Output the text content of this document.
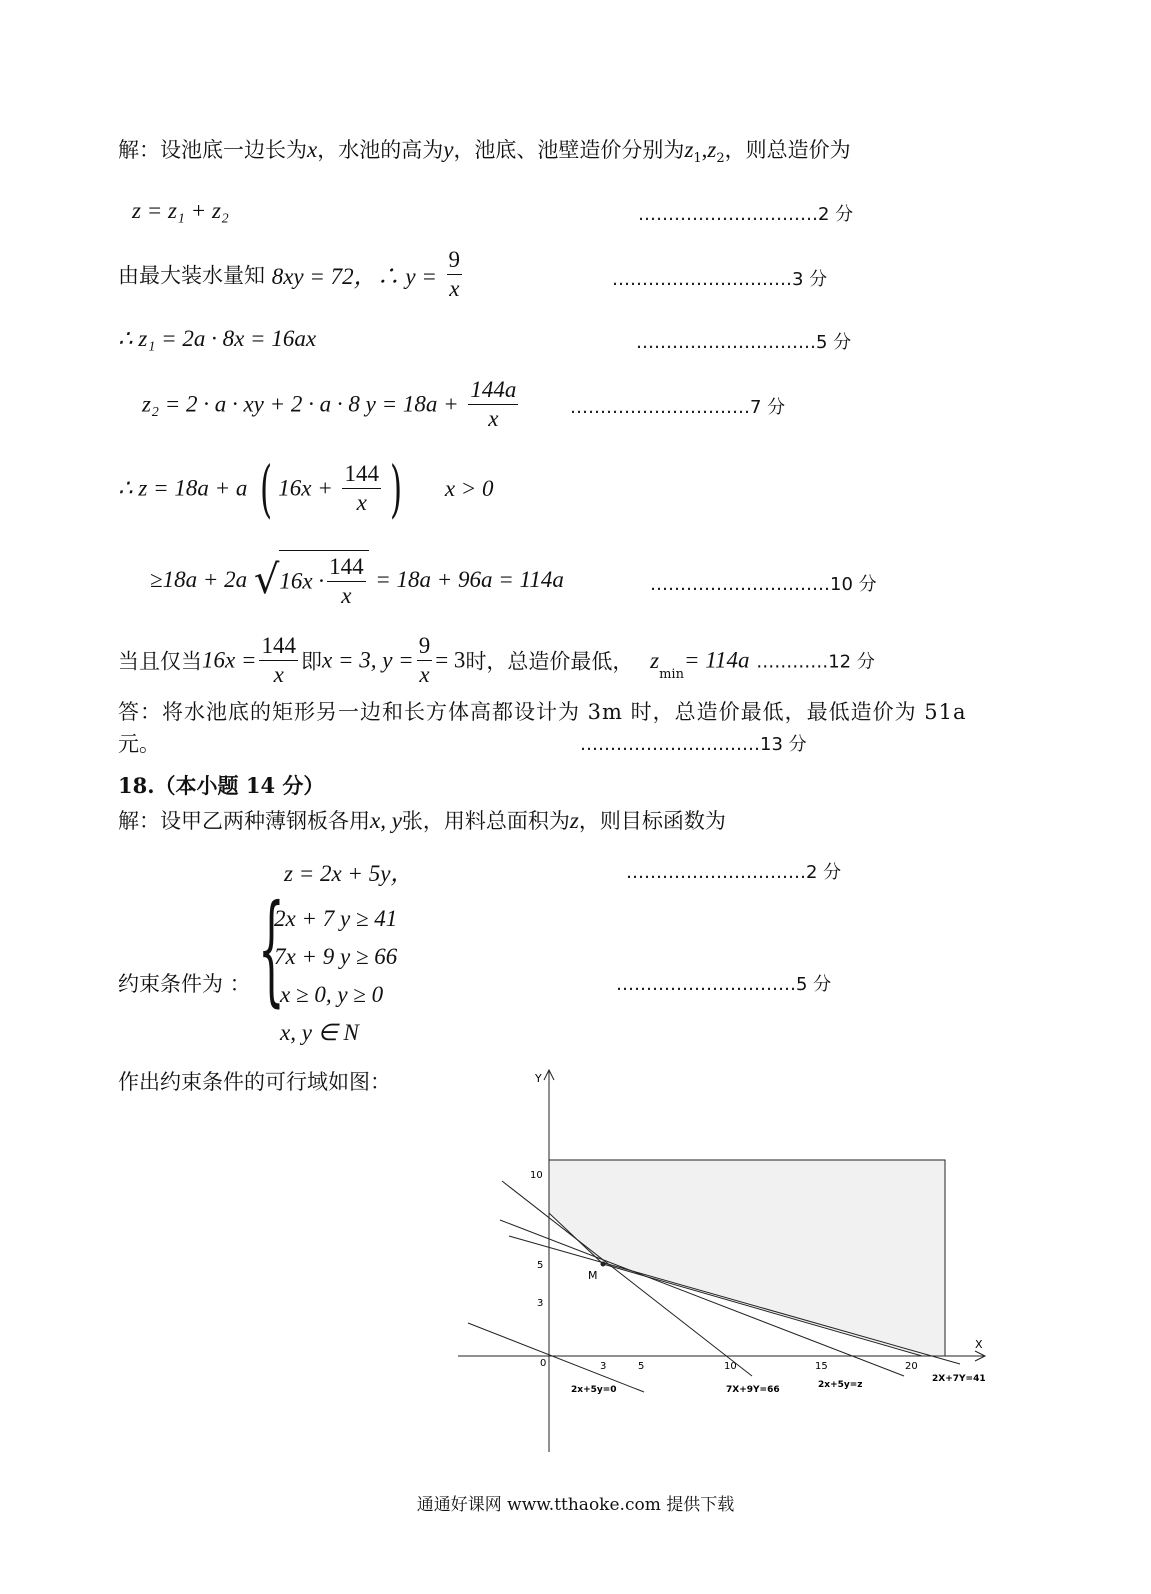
解：设池底一边长为x，水池的高为y，池底、池壁造价分别为$z_1,z_2$，则总造价为
z = z₁ + z₂	…………………………2 分
由最大装水量知 8xy = 72，∴ $y = \frac{9}{x}$	…………………………3 分
∴ z₁ = 2a · 8x = 16ax	…………………………5 分
z₂ = 2 · a · xy + 2 · a · 8 $y = 18a + \frac{144a}{x}$	…………………………7 分
∴ z = 18a + a ( $16x + \frac{144}{x}$ ) x > 0
≥18a + 2a $√16x \cdot \frac{144}{x} = 18a + 96a = 114a$	…………………………10 分
当且仅当$16x = \frac{144}{x}$ 即x = 3, $y = \frac{9}{x} = 3$时，总造价最低， $z_{min}= 114a$ …………12 分
答：将水池底的矩形另一边和长方体高都设计为 3m 时，总造价最低，最低造价为 51a
元。	…………………………13 分
18.（本小题 14 分）
解：设甲乙两种薄钢板各用x, y张，用料总面积为z，则目标函数为
z = 2x + 5y，	…………………………2 分
约束条件为 ： {
2x + 7 y ≥ 41
7x + 9 y ≥ 66
x ≥ 0, y ≥ 0
x, y ∈ N
…………………………5 分
作出约束条件的可行域如图：
M
Y
X
0
10
5
3
3	5	10	15	20
2x+5y=0	7X+9Y=66	2x+5y=z
2X+7Y=41
通通好课网 www.tthaoke.com 提供下载
